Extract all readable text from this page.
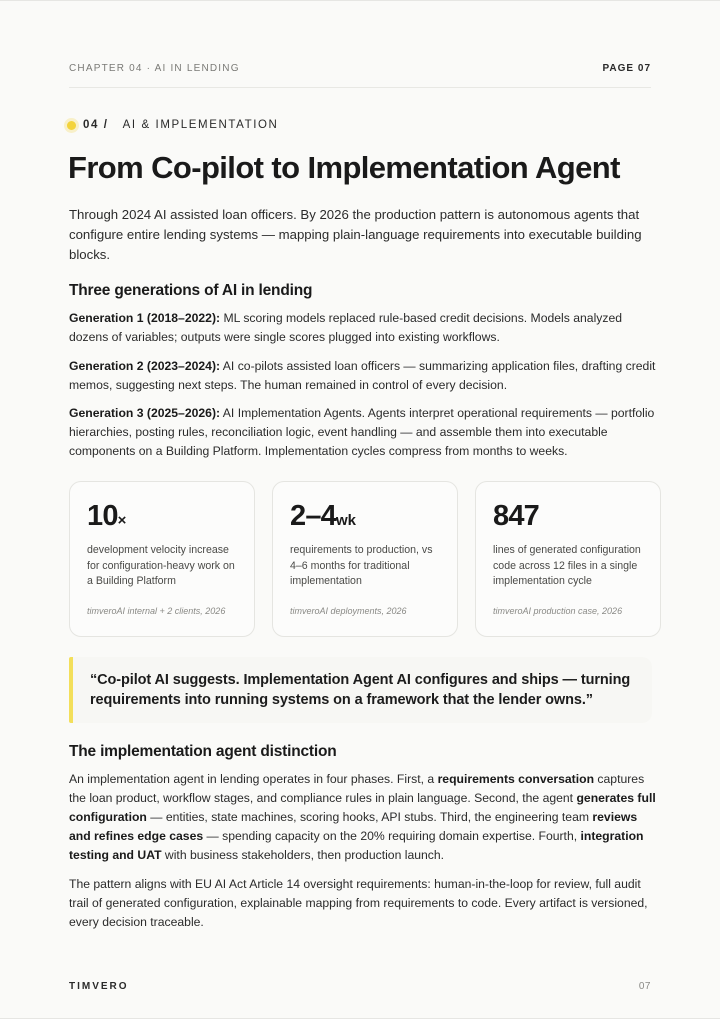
CHAPTER 04 · AI IN LENDING	PAGE 07
04 / AI & IMPLEMENTATION
From Co-pilot to Implementation Agent

Through 2024 AI assisted loan officers. By 2026 the production pattern is autonomous agents that configure entire lending systems — mapping plain-language requirements into executable building blocks.

Three generations of AI in lending

Generation 1 (2018–2022): ML scoring models replaced rule-based credit decisions. Models analyzed dozens of variables; outputs were single scores plugged into existing workflows.

Generation 2 (2023–2024): AI co-pilots assisted loan officers — summarizing application files, drafting credit memos, suggesting next steps. The human remained in control of every decision.

Generation 3 (2025–2026): AI Implementation Agents. Agents interpret operational requirements — portfolio hierarchies, posting rules, reconciliation logic, event handling — and assemble them into executable components on a Building Platform. Implementation cycles compress from months to weeks.

10×
development velocity increase for configuration-heavy work on a Building Platform
timveroAI internal + 2 clients, 2026
2–4wk
requirements to production, vs 4–6 months for traditional implementation
timveroAI deployments, 2026
847
lines of generated configuration code across 12 files in a single implementation cycle
timveroAI production case, 2026
“Co-pilot AI suggests. Implementation Agent AI configures and ships — turning requirements into running systems on a framework that the lender owns.”
The implementation agent distinction

An implementation agent in lending operates in four phases. First, a requirements conversation captures the loan product, workflow stages, and compliance rules in plain language. Second, the agent generates full configuration — entities, state machines, scoring hooks, API stubs. Third, the engineering team reviews and refines edge cases — spending capacity on the 20% requiring domain expertise. Fourth, integration testing and UAT with business stakeholders, then production launch.

The pattern aligns with EU AI Act Article 14 oversight requirements: human-in-the-loop for review, full audit trail of generated configuration, explainable mapping from requirements to code. Every artifact is versioned, every decision traceable.

TIMVERO	07
